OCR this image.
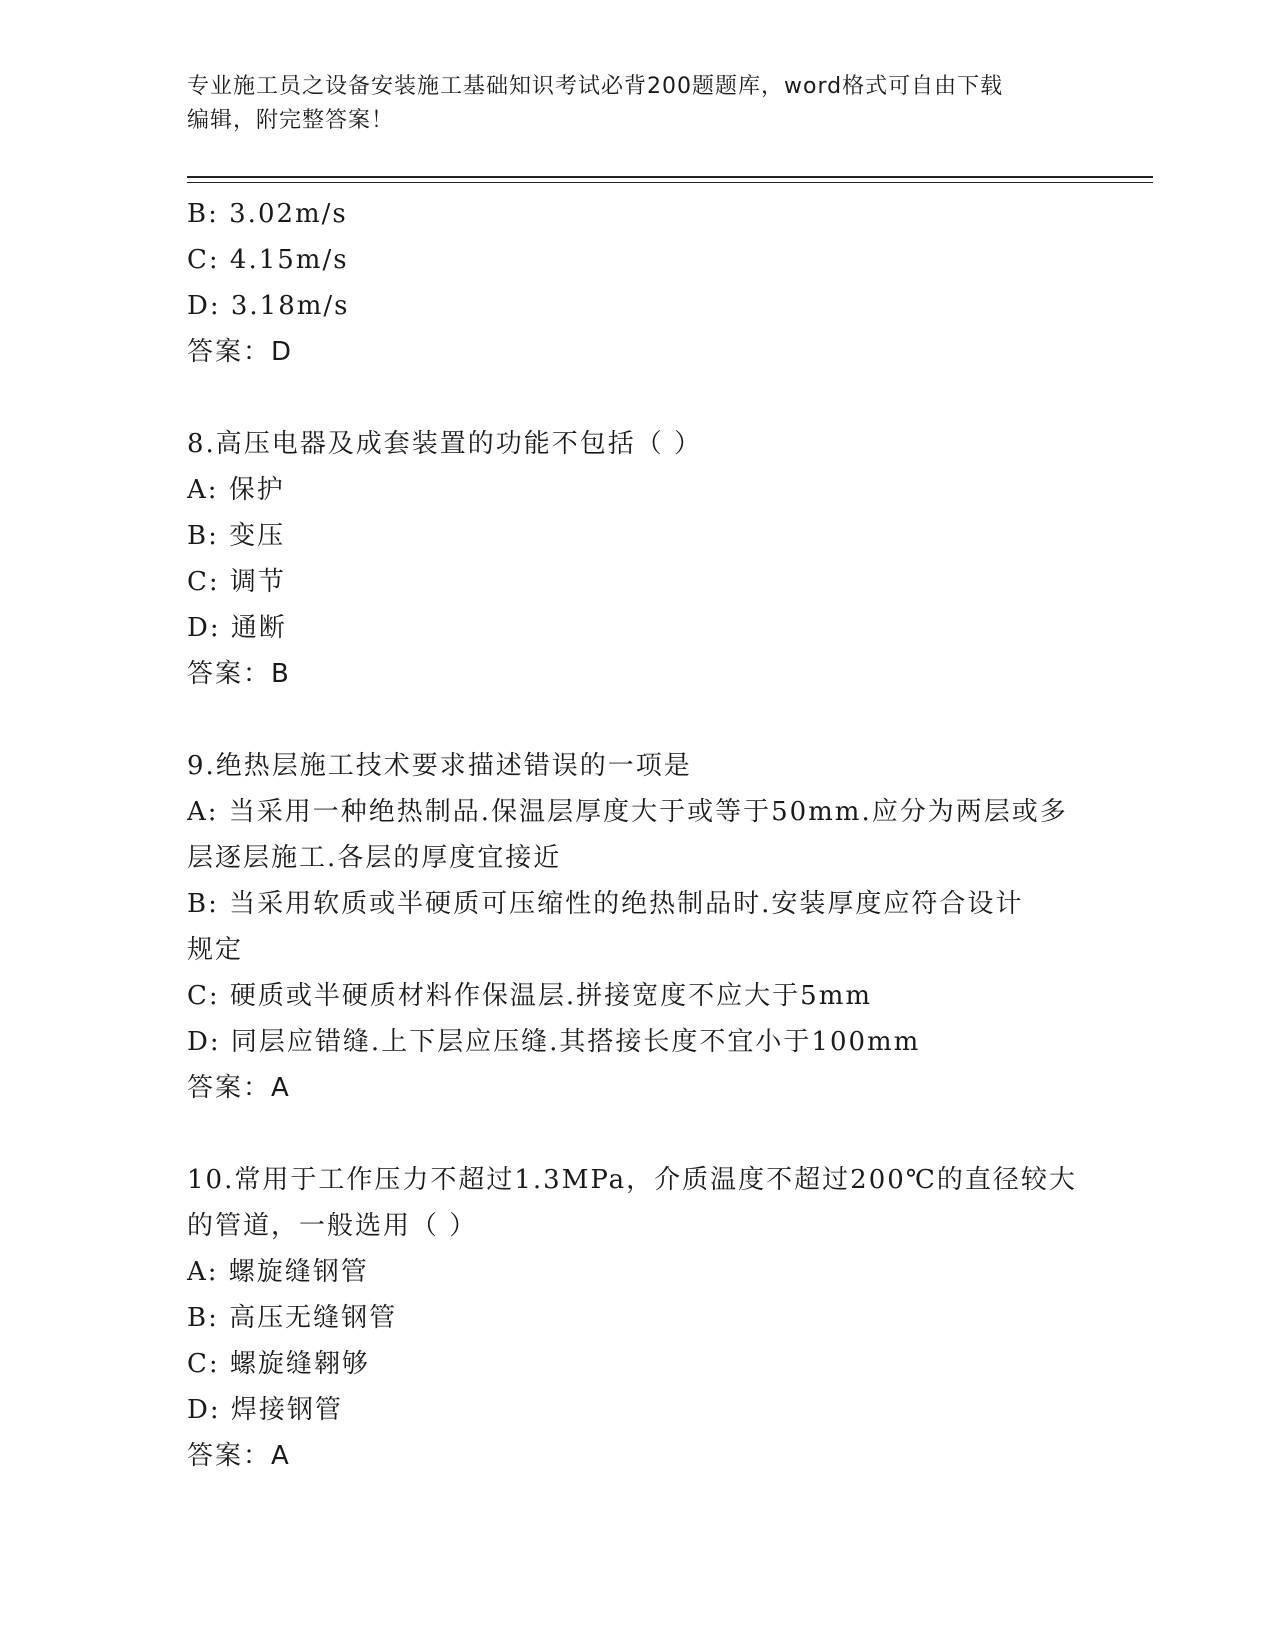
专业施工员之设备安装施工基础知识考试必背200题题库，word格式可自由下载
编辑，附完整答案！
B: 3.02m/s
C: 4.15m/s
D: 3.18m/s
答案：D
8.高压电器及成套装置的功能不包括（ ）
A: 保护
B: 变压
C: 调节
D: 通断
答案：B
9.绝热层施工技术要求描述错误的一项是
A: 当采用一种绝热制品.保温层厚度大于或等于50mm.应分为两层或多
层逐层施工.各层的厚度宜接近
B: 当采用软质或半硬质可压缩性的绝热制品时.安装厚度应符合设计
规定
C: 硬质或半硬质材料作保温层.拼接宽度不应大于5mm
D: 同层应错缝.上下层应压缝.其搭接长度不宜小于100mm
答案：A
10.常用于工作压力不超过1.3MPa，介质温度不超过200℃的直径较大
的管道，一般选用（ ）
A: 螺旋缝钢管
B: 高压无缝钢管
C: 螺旋缝翱够
D: 焊接钢管
答案：A
